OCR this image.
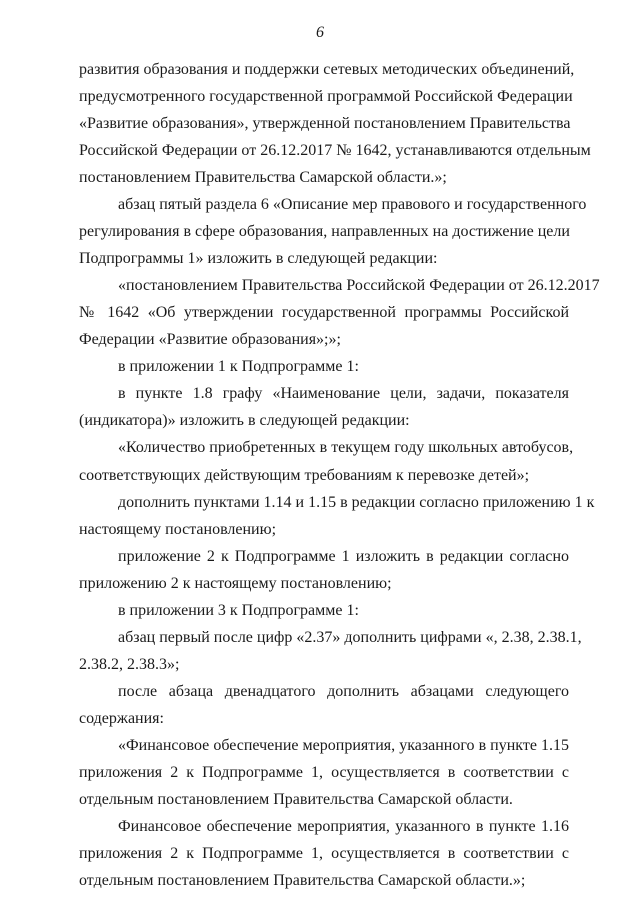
6
развития образования и поддержки сетевых методических объединений,
предусмотренного государственной программой Российской Федерации
«Развитие образования», утвержденной постановлением Правительства
Российской Федерации от 26.12.2017 № 1642, устанавливаются отдельным
постановлением Правительства Самарской области.»;
абзац пятый раздела 6 «Описание мер правового и государственного
регулирования в сфере образования, направленных на достижение цели
Подпрограммы 1» изложить в следующей редакции:
«постановлением Правительства Российской Федерации от 26.12.2017
№ 1642 «Об утверждении государственной программы Российской
Федерации «Развитие образования»;»;
в приложении 1 к Подпрограмме 1:
в пункте 1.8 графу «Наименование цели, задачи, показателя
(индикатора)» изложить в следующей редакции:
«Количество приобретенных в текущем году школьных автобусов,
соответствующих действующим требованиям к перевозке детей»;
дополнить пунктами 1.14 и 1.15 в редакции согласно приложению 1 к
настоящему постановлению;
приложение 2 к Подпрограмме 1 изложить в редакции согласно
приложению 2 к настоящему постановлению;
в приложении 3 к Подпрограмме 1:
абзац первый после цифр «2.37» дополнить цифрами «, 2.38, 2.38.1,
2.38.2, 2.38.3»;
после абзаца двенадцатого дополнить абзацами следующего
содержания:
«Финансовое обеспечение мероприятия, указанного в пункте 1.15
приложения 2 к Подпрограмме 1, осуществляется в соответствии с
отдельным постановлением Правительства Самарской области.
Финансовое обеспечение мероприятия, указанного в пункте 1.16
приложения 2 к Подпрограмме 1, осуществляется в соответствии с
отдельным постановлением Правительства Самарской области.»;
